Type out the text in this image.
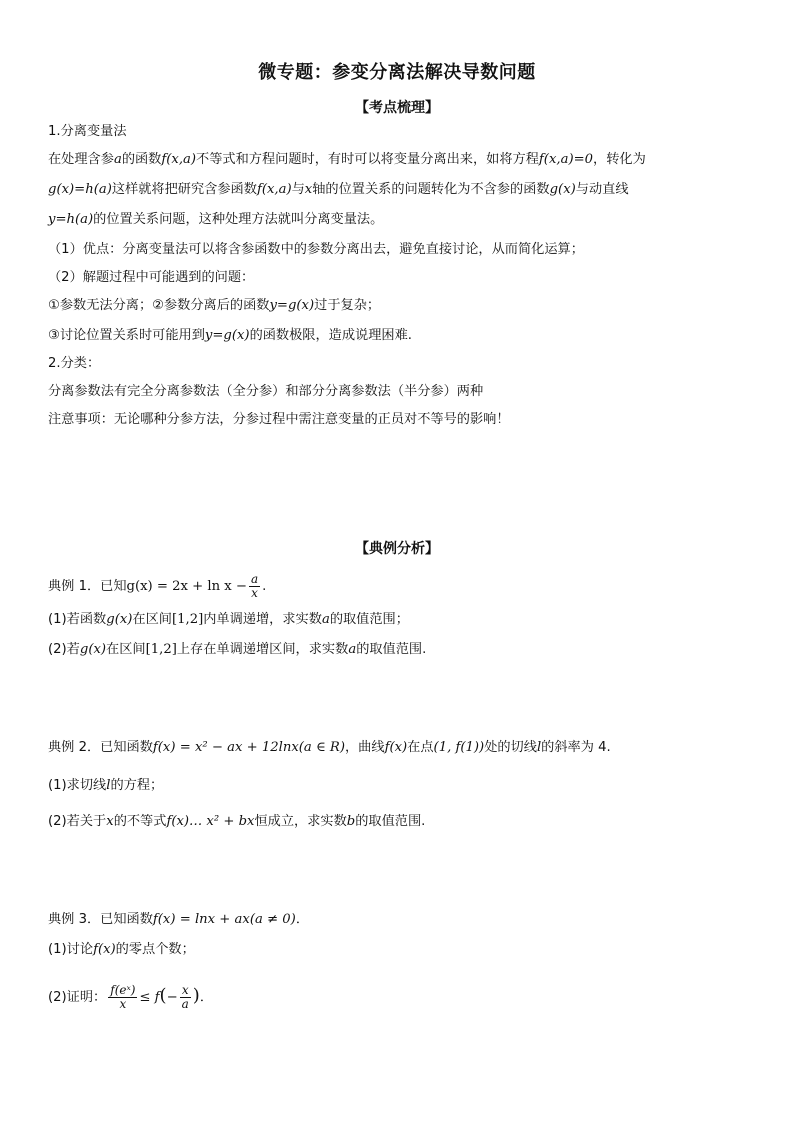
微专题：参变分离法解决导数问题
【考点梳理】
1.分离变量法
在处理含参a的函数f(x,a)不等式和方程问题时，有时可以将变量分离出来，如将方程f(x,a)=0，转化为
g(x)=h(a)这样就将把研究含参函数f(x,a)与x轴的位置关系的问题转化为不含参的函数g(x)与动直线
y=h(a)的位置关系问题，这种处理方法就叫分离变量法。
（1）优点：分离变量法可以将含参函数中的参数分离出去，避免直接讨论，从而简化运算；
（2）解题过程中可能遇到的问题：
①参数无法分离；②参数分离后的函数y=g(x)过于复杂；
③讨论位置关系时可能用到y=g(x)的函数极限，造成说理困难.
2.分类：
分离参数法有完全分离参数法（全分参）和部分分离参数法（半分参）两种
注意事项：无论哪种分参方法，分参过程中需注意变量的正员对不等号的影响！
【典例分析】
典例 1．已知$g(x) = 2x + \ln x - \frac{a}{x}$ .
(1)若函数g(x)在区间[1,2]内单调递增，求实数a的取值范围；
(2)若g(x)在区间[1,2]上存在单调递增区间，求实数a的取值范围.
典例 2．已知函数f(x) = x² − ax + 12lnx(a ∈ R)，曲线f(x)在点(1, f(1))处的切线l的斜率为 4.
(1)求切线l的方程；
(2)若关于x的不等式f(x)… x² + bx恒成立，求实数b的取值范围.
典例 3．已知函数f(x) = lnx + ax(a ≠ 0)．
(1)讨论f(x)的零点个数；
(2)证明： $\frac{\text{f(eˣ)}}{x} \le f(- \frac{x}{a}$ )．
